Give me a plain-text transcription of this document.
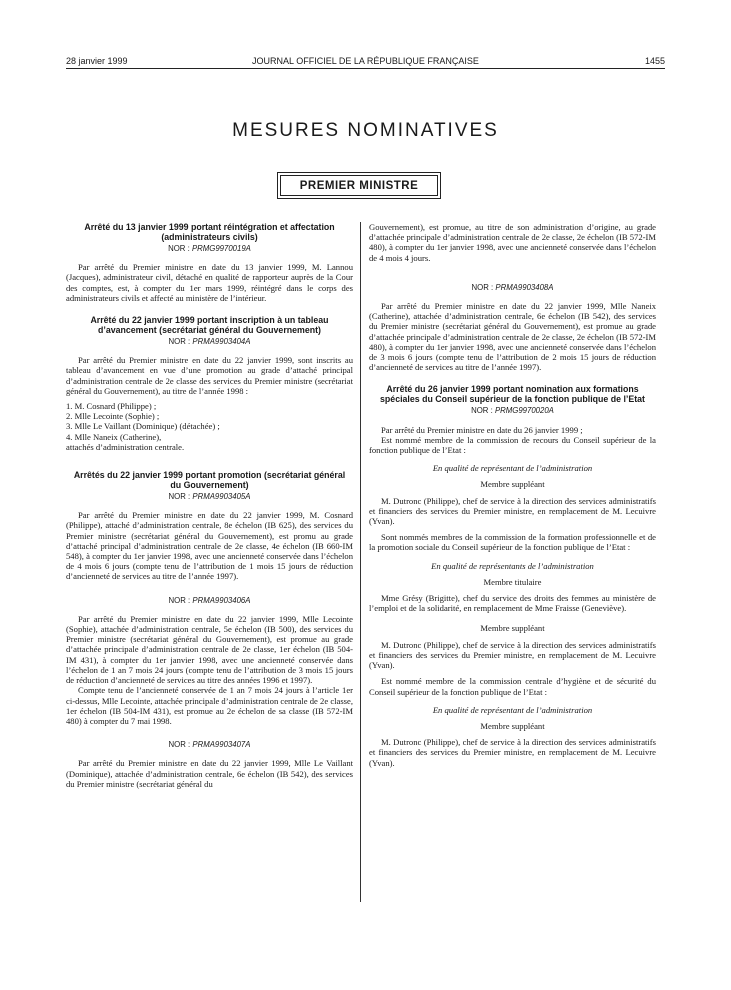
28 janvier 1999	JOURNAL OFFICIEL DE LA RÉPUBLIQUE FRANÇAISE	1455
MESURES NOMINATIVES
PREMIER MINISTRE
Arrêté du 13 janvier 1999 portant réintégration et affectation (administrateurs civils)
NOR : PRMG9970019A

Par arrêté du Premier ministre en date du 13 janvier 1999, M. Lannou (Jacques), administrateur civil, détaché en qualité de rapporteur auprès de la Cour des comptes, est, à compter du 1er mars 1999, réintégré dans le corps des administrateurs civils et affecté au ministère de l’intérieur.

Arrêté du 22 janvier 1999 portant inscription à un tableau d’avancement (secrétariat général du Gouvernement)
NOR : PRMA9903404A

Par arrêté du Premier ministre en date du 22 janvier 1999, sont inscrits au tableau d’avancement en vue d’une promotion au grade d’attaché principal d’administration centrale de 2e classe des services du Premier ministre (secrétariat général du Gouvernement), au titre de l’année 1998 :

1. M. Cosnard (Philippe) ;
2. Mlle Lecointe (Sophie) ;
3. Mlle Le Vaillant (Dominique) (détachée) ;
4. Mlle Naneix (Catherine),
attachés d’administration centrale.
Arrêtés du 22 janvier 1999 portant promotion (secrétariat général du Gouvernement)
NOR : PRMA9903405A

Par arrêté du Premier ministre en date du 22 janvier 1999, M. Cosnard (Philippe), attaché d’administration centrale, 8e échelon (IB 625), des services du Premier ministre (secrétariat général du Gouvernement), est promu au grade d’attaché principal d’administration centrale de 2e classe, 4e échelon (IB 660-IM 548), à compter du 1er janvier 1998, avec une ancienneté conservée dans l’échelon de 4 mois 6 jours (compte tenu de l’attribution de 1 mois 15 jours de réduction d’ancienneté de services au titre de l’année 1997).

NOR : PRMA9903406A

Par arrêté du Premier ministre en date du 22 janvier 1999, Mlle Lecointe (Sophie), attachée d’administration centrale, 5e échelon (IB 500), des services du Premier ministre (secrétariat général du Gouvernement), est promue au grade d’attachée principale d’administration centrale de 2e classe, 1er échelon (IB 504-IM 431), à compter du 1er janvier 1998, avec une ancienneté conservée dans l’échelon de 1 an 7 mois 24 jours (compte tenu de l’attribution de 3 mois 15 jours de réduction d’ancienneté de services au titre des années 1996 et 1997).

Compte tenu de l’ancienneté conservée de 1 an 7 mois 24 jours à l’article 1er ci-dessus, Mlle Lecointe, attachée principale d’administration centrale de 2e classe, 1er échelon (IB 504-IM 431), est promue au 2e échelon de sa classe (IB 572-IM 480) à compter du 7 mai 1998.

NOR : PRMA9903407A

Par arrêté du Premier ministre en date du 22 janvier 1999, Mlle Le Vaillant (Dominique), attachée d’administration centrale, 6e échelon (IB 542), des services du Premier ministre (secrétariat général du

Gouvernement), est promue, au titre de son administration d’origine, au grade d’attachée principale d’administration centrale de 2e classe, 2e échelon (IB 572-IM 480), à compter du 1er janvier 1998, avec une ancienneté conservée dans l’échelon de 4 mois 4 jours.

NOR : PRMA9903408A

Par arrêté du Premier ministre en date du 22 janvier 1999, Mlle Naneix (Catherine), attachée d’administration centrale, 6e échelon (IB 542), des services du Premier ministre (secrétariat général du Gouvernement), est promue au grade d’attachée principale d’administration centrale de 2e classe, 2e échelon (IB 572-IM 480), à compter du 1er janvier 1998, avec une ancienneté conservée dans l’échelon de 3 mois 6 jours (compte tenu de l’attribution de 2 mois 15 jours de réduction d’ancienneté de services au titre de l’année 1997).

Arrêté du 26 janvier 1999 portant nomination aux formations spéciales du Conseil supérieur de la fonction publique de l’Etat
NOR : PRMG9970020A

Par arrêté du Premier ministre en date du 26 janvier 1999 ;

Est nommé membre de la commission de recours du Conseil supérieur de la fonction publique de l’Etat :

En qualité de représentant de l’administration
Membre suppléant

M. Dutronc (Philippe), chef de service à la direction des services administratifs et financiers des services du Premier ministre, en remplacement de M. Lecuivre (Yvan).

Sont nommés membres de la commission de la formation professionnelle et de la promotion sociale du Conseil supérieur de la fonction publique de l’Etat :

En qualité de représentants de l’administration
Membre titulaire

Mme Grésy (Brigitte), chef du service des droits des femmes au ministère de l’emploi et de la solidarité, en remplacement de Mme Fraisse (Geneviève).

Membre suppléant

M. Dutronc (Philippe), chef de service à la direction des services administratifs et financiers des services du Premier ministre, en remplacement de M. Lecuivre (Yvan).

Est nommé membre de la commission centrale d’hygiène et de sécurité du Conseil supérieur de la fonction publique de l’Etat :

En qualité de représentant de l’administration
Membre suppléant

M. Dutronc (Philippe), chef de service à la direction des services administratifs et financiers des services du Premier ministre, en remplacement de M. Lecuivre (Yvan).
